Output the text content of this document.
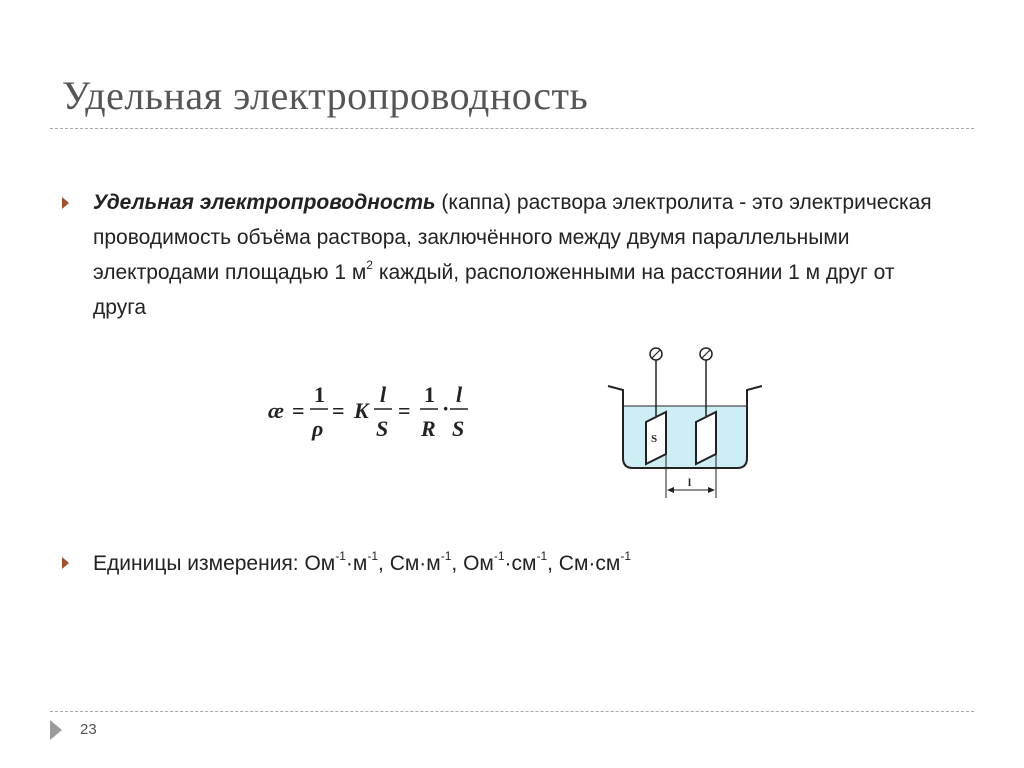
Удельная электропроводность
Удельная электропроводность (каппа) раствора электролита - это электрическая проводимость объёма раствора, заключённого между двумя параллельными электродами площадью 1 $м^2$ каждый, расположенными на расстоянии 1 м друг от друга
æ =
1
ρ
= K
l
S
=
1
R
·
l
S	S
l
Единицы измерения: $Ом^{-1}\cdot м^{-1}$, $См\cdot м^{-1}$, $Ом^{-1}\cdot см^{-1}$, $См\cdot см^{-1}$
23
